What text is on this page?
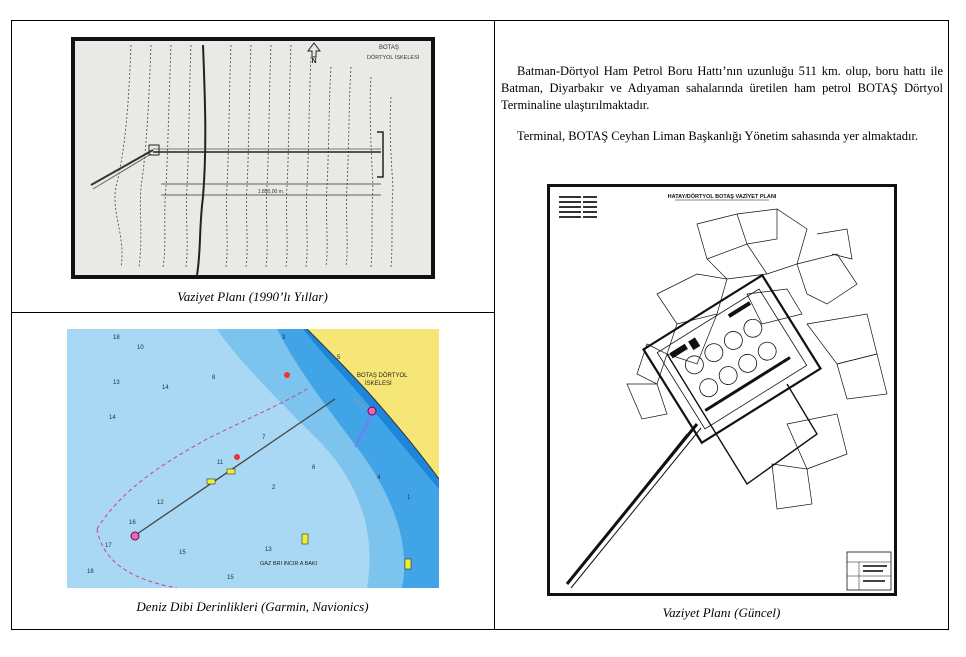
1.850,00 m.
N
BOTAŞ
DÖRTYOL İSKELESİ
Vaziyet Planı (1990’lı Yıllar)
18
10
13
14
14
16
17
18
8
7
6
5
4
3
1
2
11
12
15
15
13
BOTAŞ DÖRTYOL
İSKELESİ
GAZ BRI INCIR A BAKI
Deniz Dibi Derinlikleri (Garmin, Navionics)
Batman-Dörtyol Ham Petrol Boru Hattı’nın uzunluğu 511 km. olup, boru hattı ile Batman, Diyarbakır ve Adıyaman sahalarında üretilen ham petrol BOTAŞ Dörtyol Terminaline ulaştırılmaktadır.
Terminal, BOTAŞ Ceyhan Liman Başkanlığı Yönetim sahasında yer almaktadır.
HATAY/DÖRTYOL BOTAŞ VAZİYET PLANI
Vaziyet Planı (Güncel)
